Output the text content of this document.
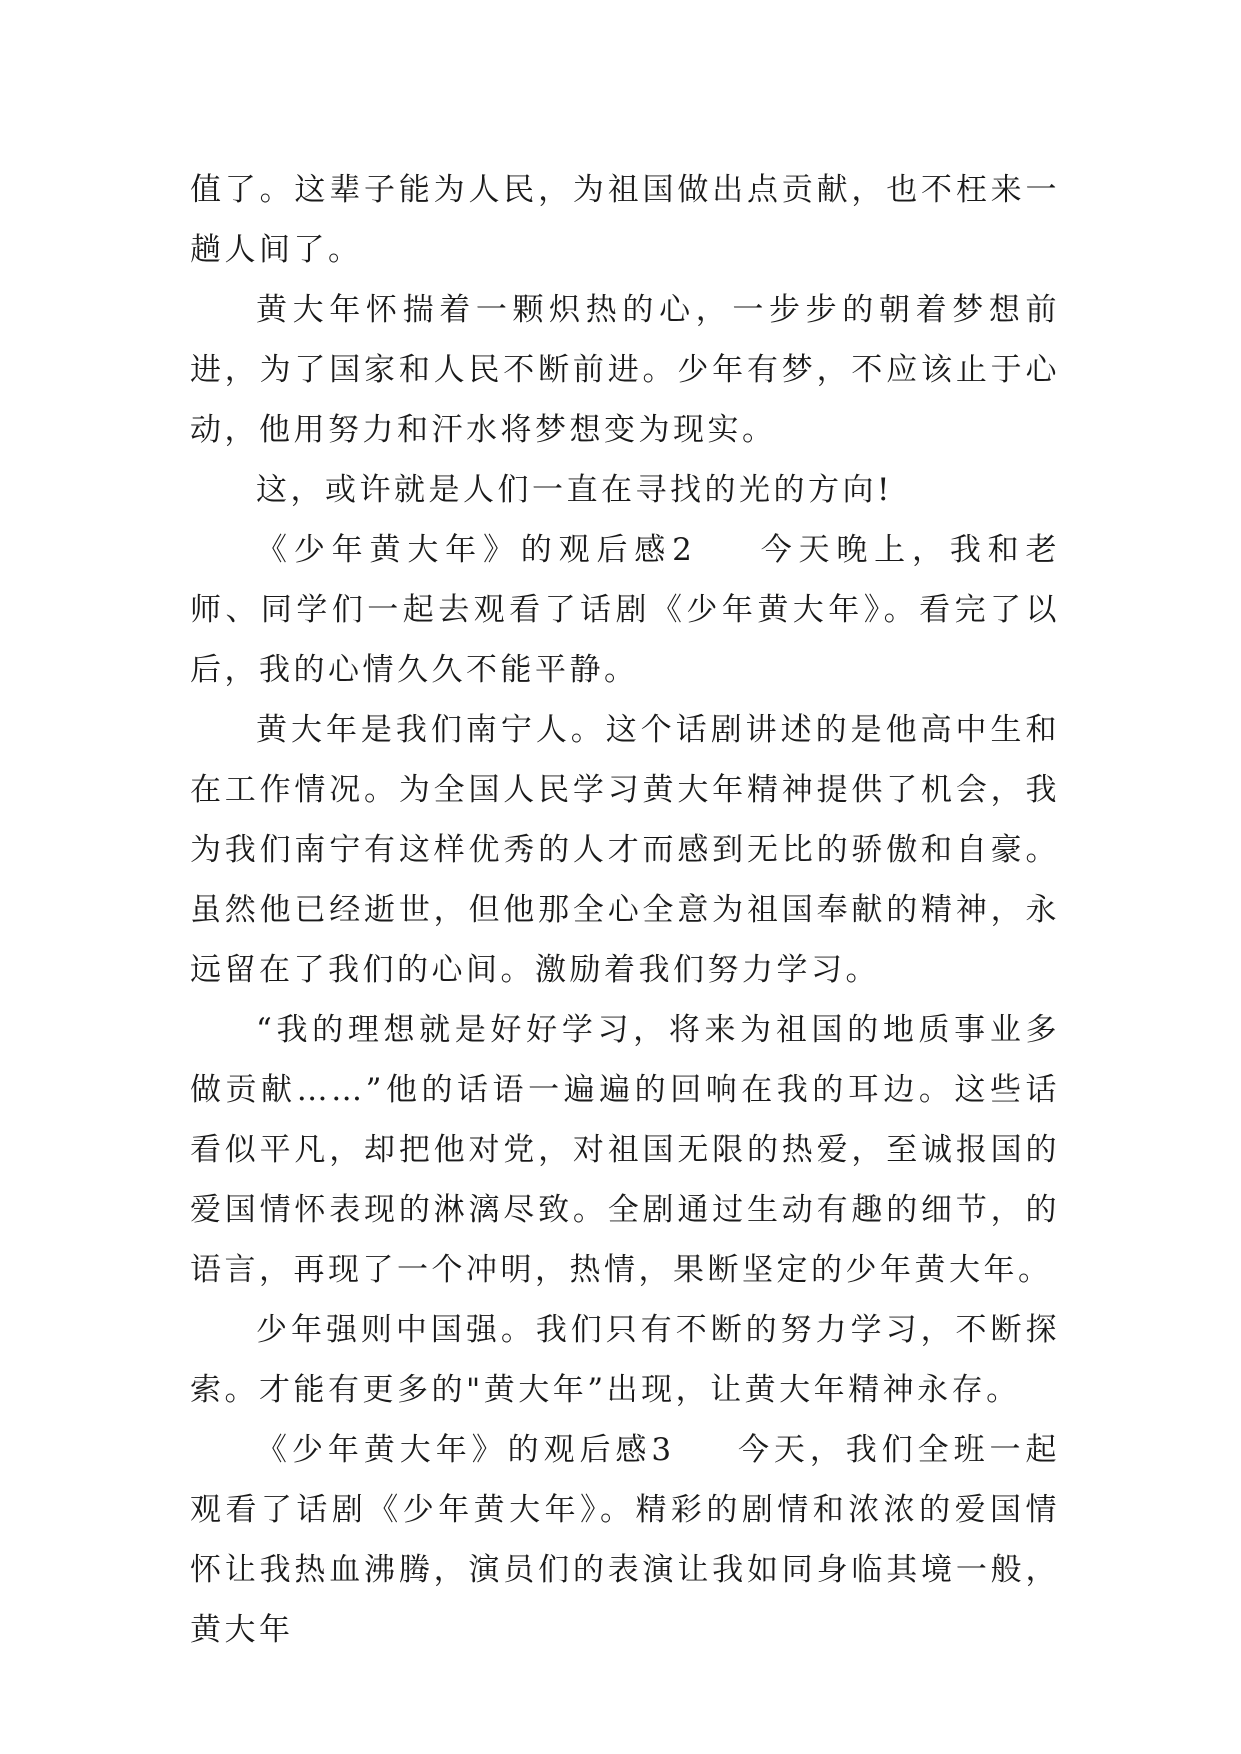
值了。这辈子能为人民，为祖国做出点贡献，也不枉来一趟人间了。

黄大年怀揣着一颗炽热的心，一步步的朝着梦想前进，为了国家和人民不断前进。少年有梦，不应该止于心动，他用努力和汗水将梦想变为现实。

这，或许就是人们一直在寻找的光的方向!

《少年黄大年》的观后感2 今天晚上，我和老师、同学们一起去观看了话剧《少年黄大年》。看完了以后，我的心情久久不能平静。

黄大年是我们南宁人。这个话剧讲述的是他高中生和在工作情况。为全国人民学习黄大年精神提供了机会，我为我们南宁有这样优秀的人才而感到无比的骄傲和自豪。虽然他已经逝世，但他那全心全意为祖国奉献的精神，永远留在了我们的心间。激励着我们努力学习。

“我的理想就是好好学习，将来为祖国的地质事业多做贡献……”他的话语一遍遍的回响在我的耳边。这些话看似平凡，却把他对党，对祖国无限的热爱，至诚报国的爱国情怀表现的淋漓尽致。全剧通过生动有趣的细节，的语言，再现了一个冲明，热情，果断坚定的少年黄大年。

少年强则中国强。我们只有不断的努力学习，不断探索。才能有更多的"黄大年”出现，让黄大年精神永存。

《少年黄大年》的观后感3 今天，我们全班一起观看了话剧《少年黄大年》。精彩的剧情和浓浓的爱国情怀让我热血沸腾，演员们的表演让我如同身临其境一般，黄大年
